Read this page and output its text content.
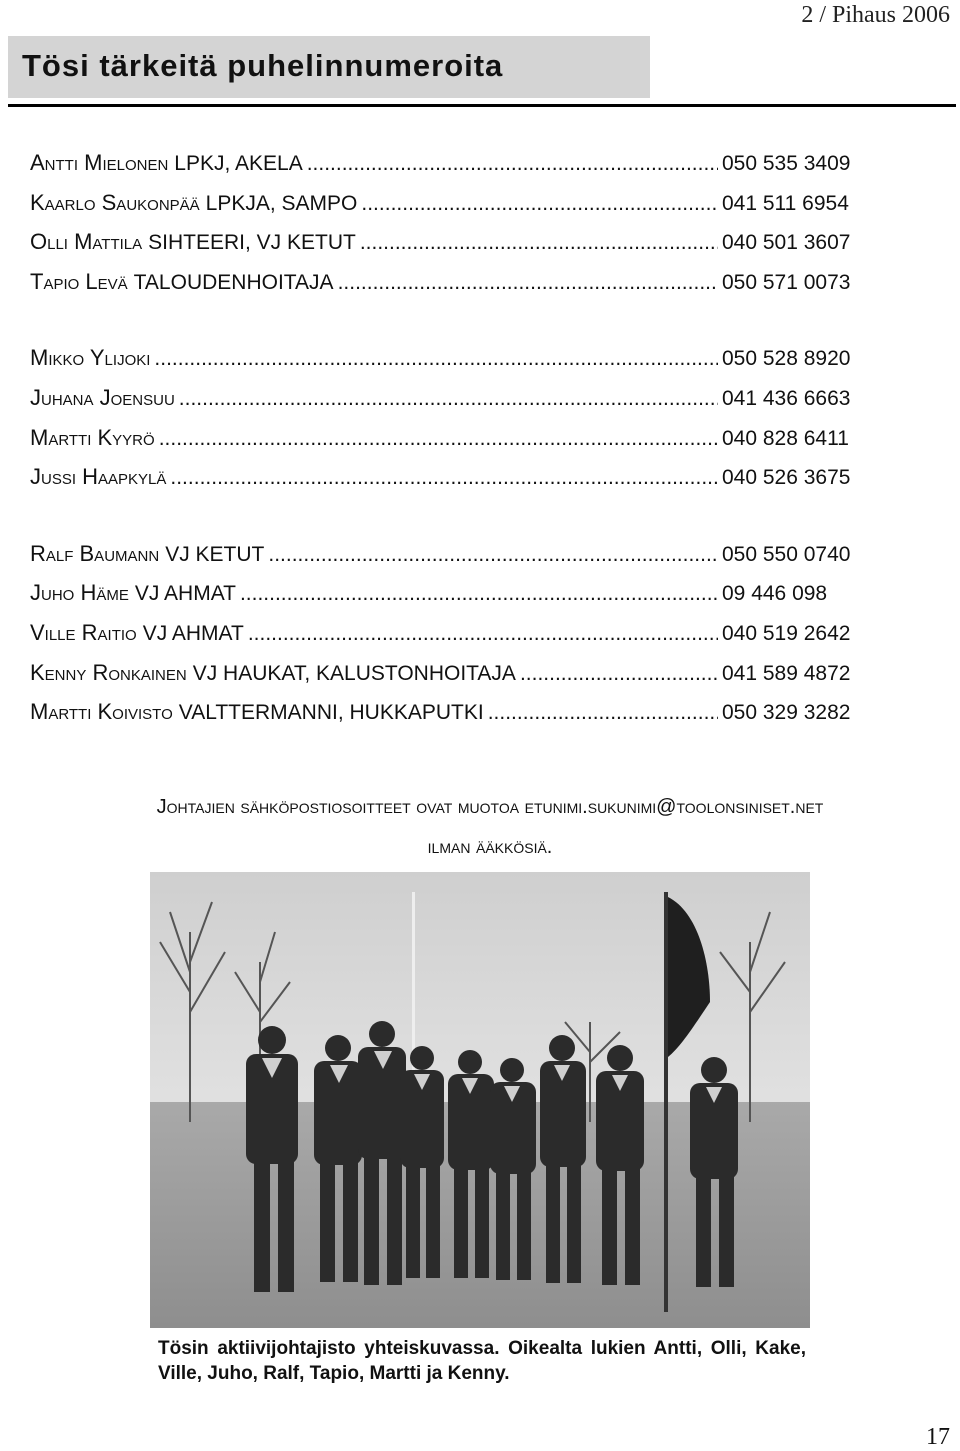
2 / Pihaus 2006
Tösi tärkeitä puhelinnumeroita
Antti Mielonen LPKJ, AKELA .....	050 535 3409
Kaarlo Saukonpää LPKJA, SAMPO .....	041 511 6954
Olli Mattila SIHTEERI, VJ KETUT .....	040 501 3607
Tapio Levä TALOUDENHOITAJA .....	050 571 0073
Mikko Ylijoki .....	050 528 8920
Juhana Joensuu .....	041 436 6663
Martti Kyyrö .....	040 828 6411
Jussi Haapkylä .....	040 526 3675
Ralf Baumann VJ KETUT .....	050 550 0740
Juho Häme VJ AHMAT .....	09 446 098
Ville Raitio VJ AHMAT .....	040 519 2642
Kenny Ronkainen VJ HAUKAT, KALUSTONHOITAJA .....	041 589 4872
Martti Koivisto VALTTERMANNI, HUKKAPUTKI .....	050 329 3282
Johtajien sähköpostiosoitteet ovat muotoa etunimi.sukunimi@toolonsiniset.net
ilman ääkkösiä.
Tösin aktiivijohtajisto yhteiskuvassa. Oikealta lukien Antti, Olli, Kake, Ville, Juho, Ralf, Tapio, Martti ja Kenny.
17
